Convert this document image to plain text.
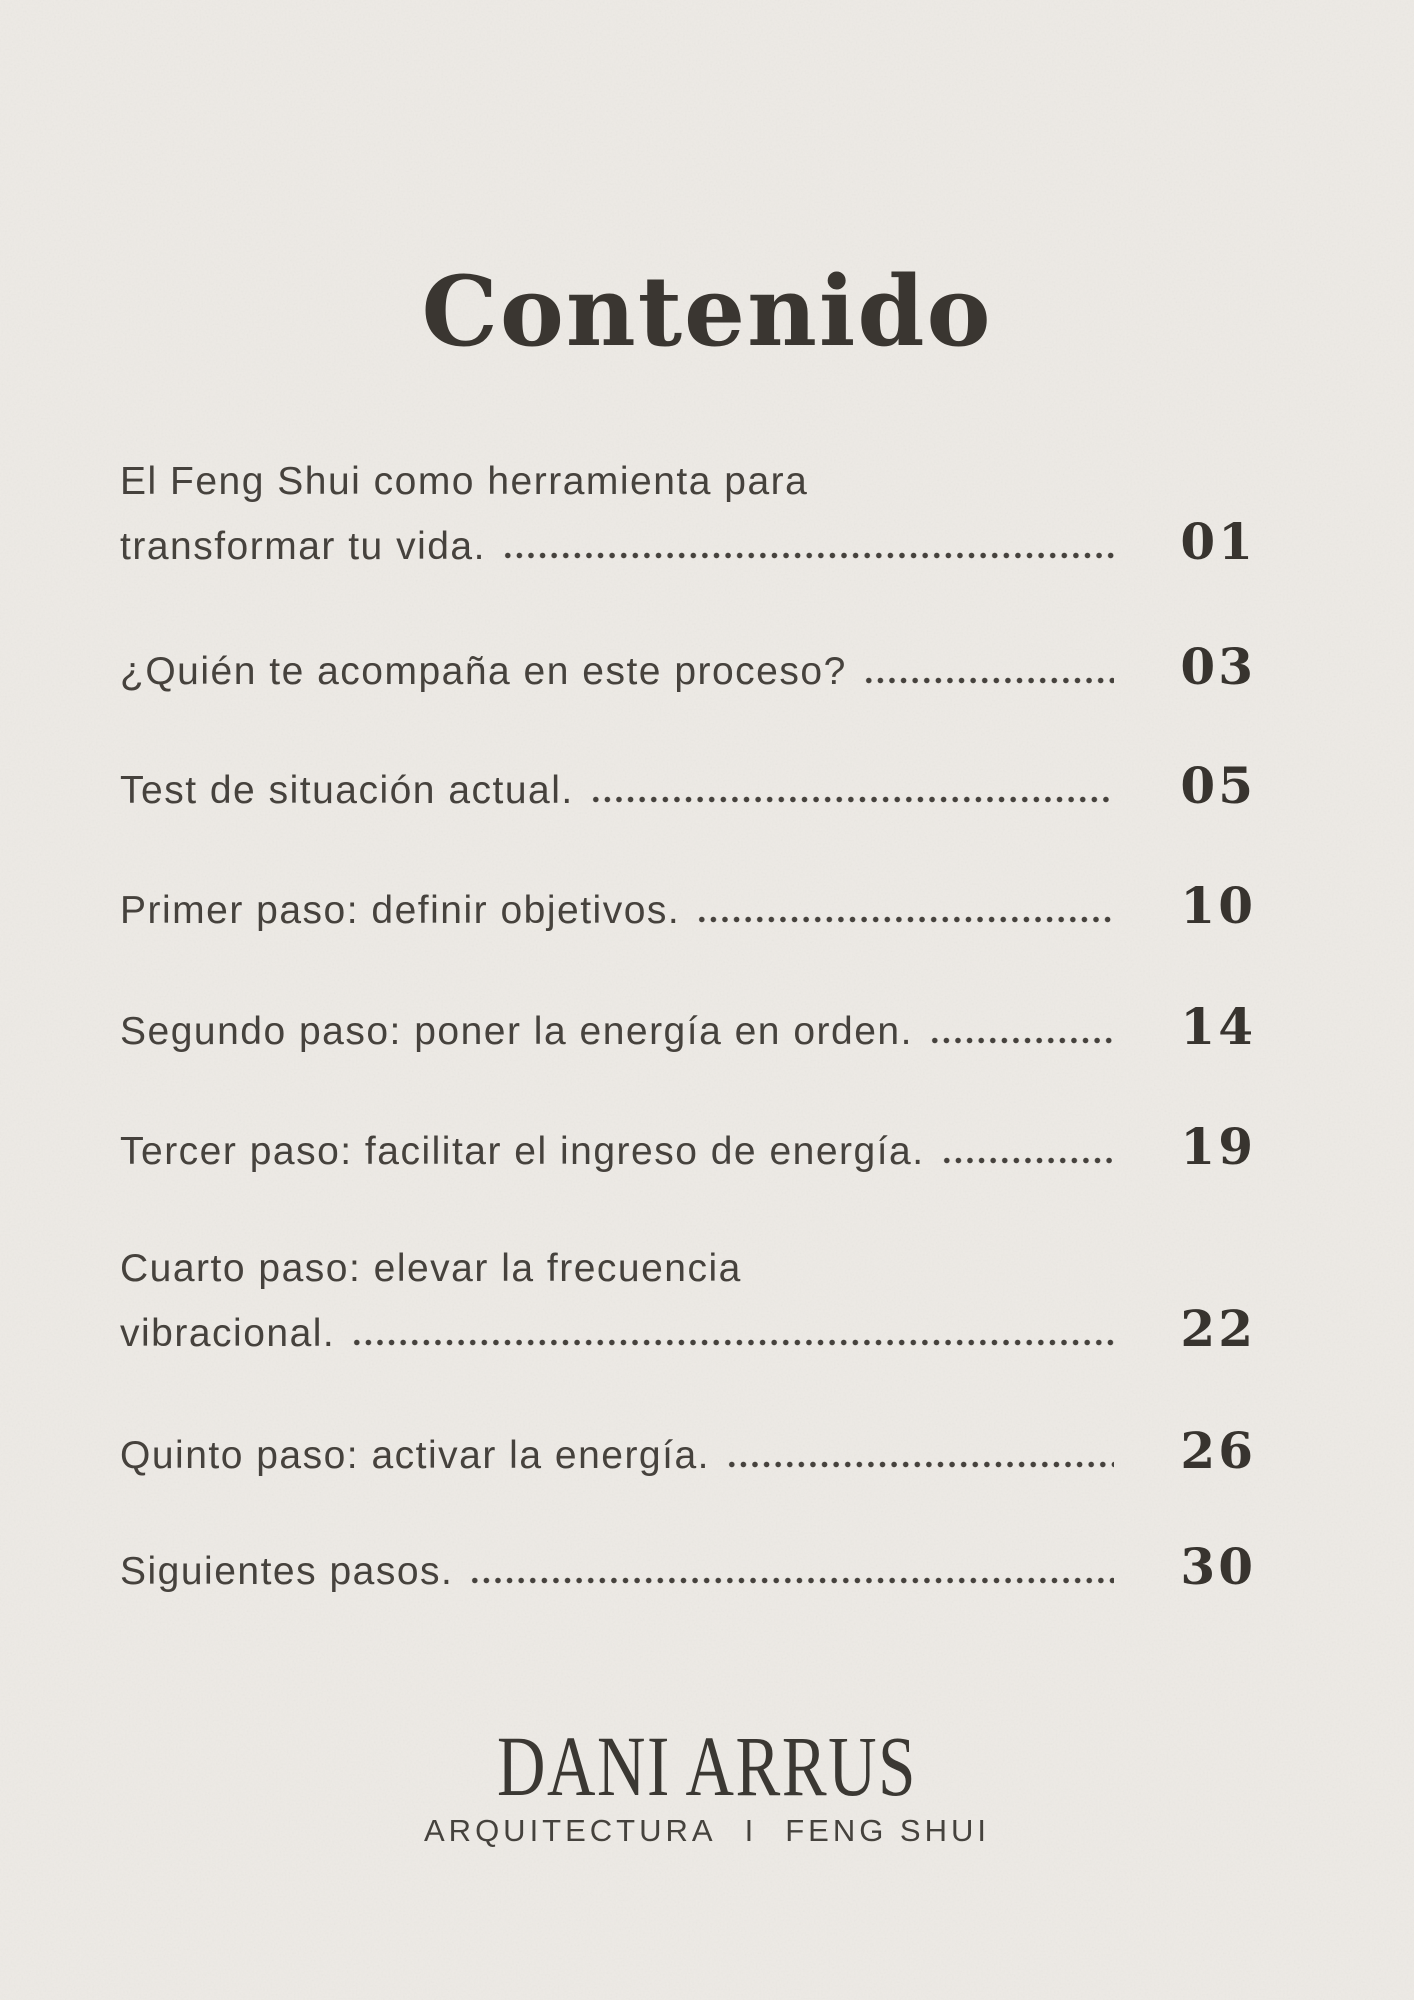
Contenido
El Feng Shui como herramienta para
transformar tu vida.	01
¿Quién te acompaña en este proceso?	03
Test de situación actual.	05
Primer paso: definir objetivos.	10
Segundo paso: poner la energía en orden.	14
Tercer paso: facilitar el ingreso de energía.	19
Cuarto paso: elevar la frecuencia
vibracional.	22
Quinto paso: activar la energía.	26
Siguientes pasos.	30
DANI ARRUS
ARQUITECTURA I FENG SHUI
